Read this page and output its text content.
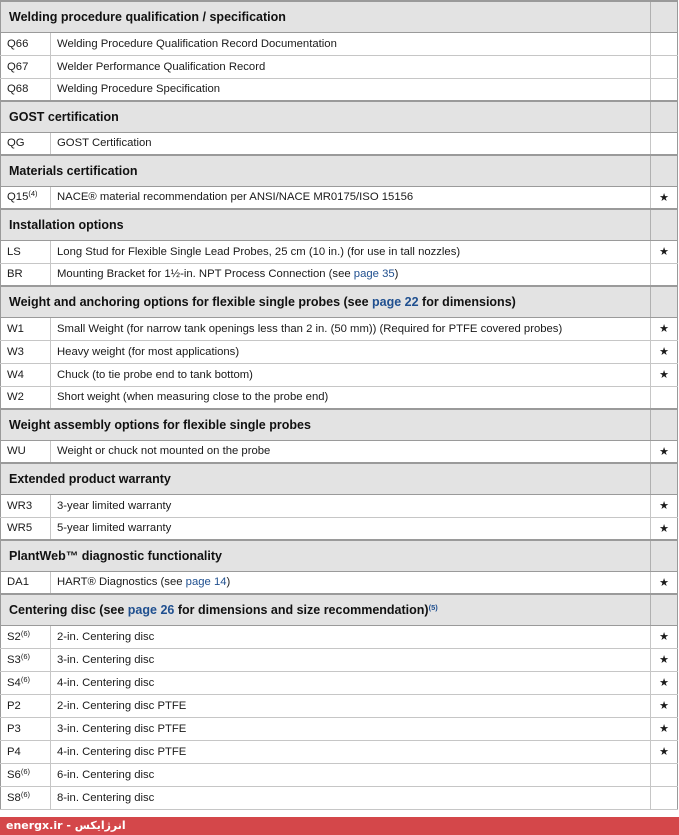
Welding procedure qualification / specification		
Q66	Welding Procedure Qualification Record Documentation	
Q67	Welder Performance Qualification Record	
Q68	Welding Procedure Specification	
GOST certification		
QG	GOST Certification	
Materials certification		
Q15$^{(4)}$	NACE® material recommendation per ANSI/NACE MR0175/ISO 15156	★
Installation options		
LS	Long Stud for Flexible Single Lead Probes, 25 cm (10 in.) (for use in tall nozzles)	★
BR	Mounting Bracket for 1½-in. NPT Process Connection (see page 35)	
Weight and anchoring options for flexible single probes (see page 22 for dimensions)		
W1	Small Weight (for narrow tank openings less than 2 in. (50 mm)) (Required for PTFE covered probes)	★
W3	Heavy weight (for most applications)	★
W4	Chuck (to tie probe end to tank bottom)	★
W2	Short weight (when measuring close to the probe end)	
Weight assembly options for flexible single probes		
WU	Weight or chuck not mounted on the probe	★
Extended product warranty		
WR3	3-year limited warranty	★
WR5	5-year limited warranty	★
PlantWeb™ diagnostic functionality		
DA1	HART® Diagnostics (see page 14)	★
Centering disc (see page 26 for dimensions and size recommendation)$^{(5)}$	
S2$^{(6)}$	2-in. Centering disc	★
S3$^{(6)}$	3-in. Centering disc	★
S4$^{(6)}$	4-in. Centering disc	★
P2	2-in. Centering disc PTFE	★
P3	3-in. Centering disc PTFE	★
P4	4-in. Centering disc PTFE	★
S6$^{(6)}$	6-in. Centering disc	
S8$^{(6)}$	8-in. Centering disc	
energx.ir - انرژایکس
